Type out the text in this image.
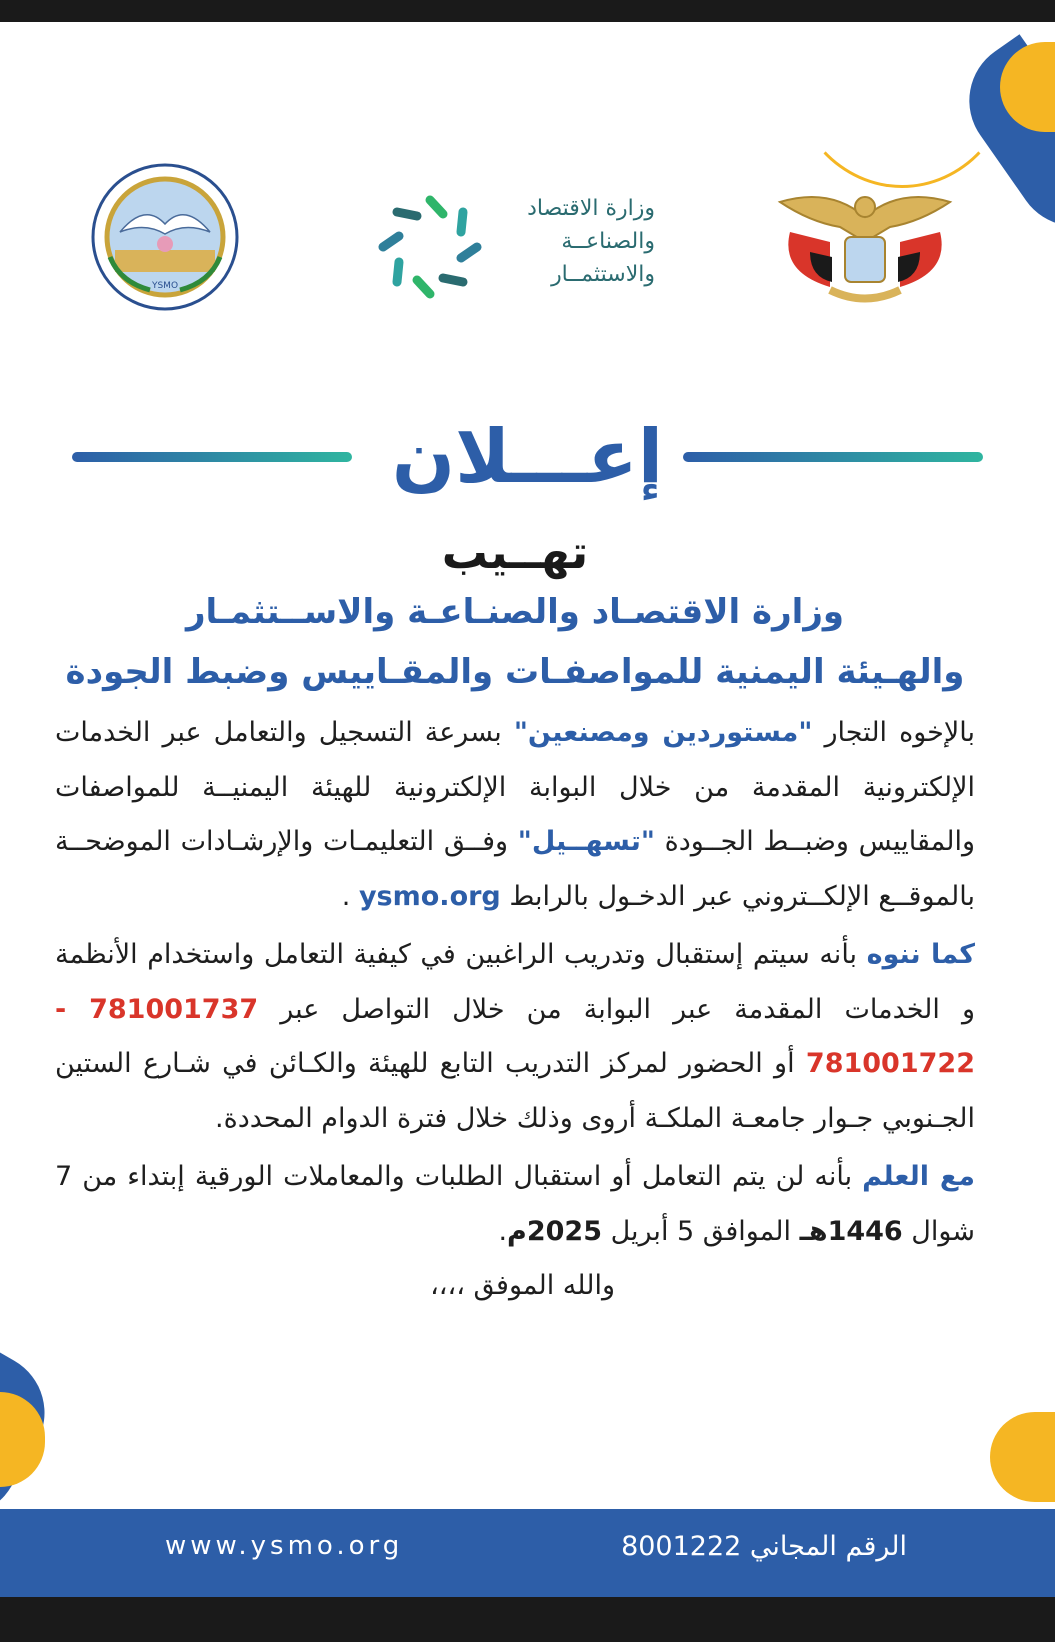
YSMO
وزارة الاقتصاد
والصناعــة
والاستثمــار
إعـــلان
تهــيب
وزارة الاقتصـاد والصنـاعـة والاســتثمـار
والهـيئة اليمنية للمواصفـات والمقـاييس وضبط الجودة

بالإخوه التجار "مستوردين ومصنعين" بسرعة التسجيل والتعامل عبر الخدمات الإلكترونية المقدمة من خلال البوابة الإلكترونية للهيئة اليمنيــة للمواصفات والمقاييس وضبــط الجــودة "تسهــيل" وفــق التعليمـات والإرشـادات الموضحــة بالموقــع الإلكــتروني عبر الدخـول بالرابط ysmo.org .

كما ننوه بأنه سيتم إستقبال وتدريب الراغبين في كيفية التعامل واستخدام الأنظمة و الخدمات المقدمة عبر البوابة من خلال التواصل عبر 781001737 - 781001722 أو الحضور لمركز التدريب التابع للهيئة والكـائن في شـارع الستين الجـنوبي جـوار جامعـة الملكـة أروى وذلك خلال فترة الدوام المحددة.

مع العلم بأنه لن يتم التعامل أو استقبال الطلبات والمعاملات الورقية إبتداء من 7 شوال 1446هـ الموافق 5 أبريل 2025م.

والله الموفق ،،،،
www.ysmo.org	الرقم المجاني 8001222
